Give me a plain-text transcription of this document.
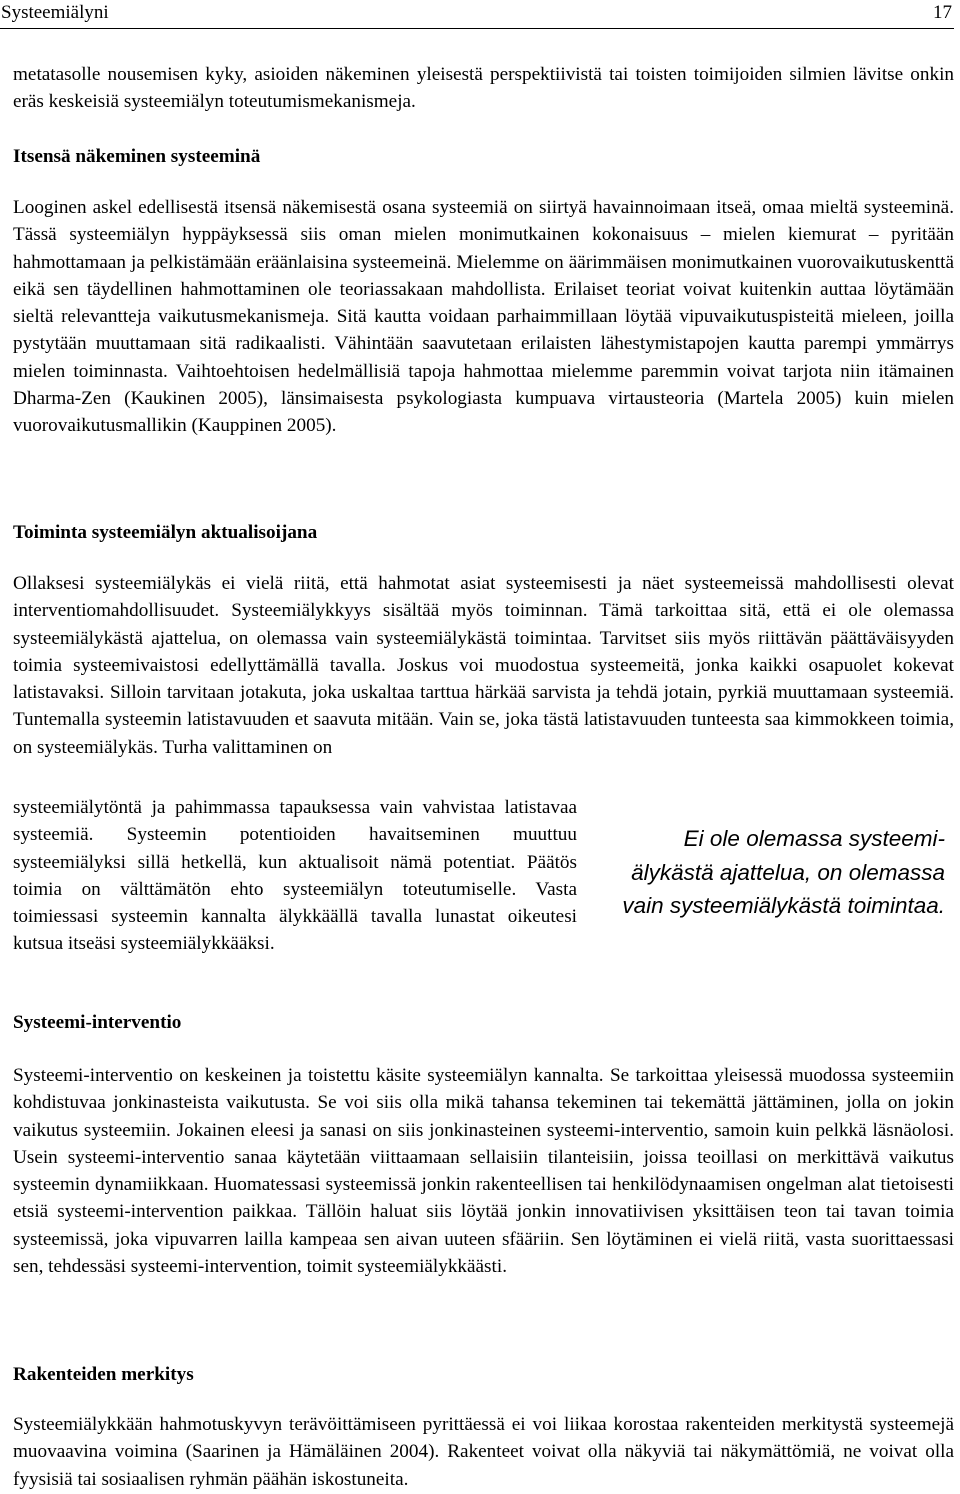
Systeemiälyni	17

metatasolle nousemisen kyky, asioiden näkeminen yleisestä perspektiivistä tai toisten toimijoiden silmien lävitse onkin eräs keskeisiä systeemiälyn toteutumismekanismeja.

Itsensä näkeminen systeeminä

Looginen askel edellisestä itsensä näkemisestä osana systeemiä on siirtyä havainnoimaan itseä, omaa mieltä systeeminä. Tässä systeemiälyn hyppäyksessä siis oman mielen monimutkainen kokonaisuus – mielen kiemurat – pyritään hahmottamaan ja pelkistämään eräänlaisina systeemeinä. Mielemme on äärimmäisen monimutkainen vuorovaikutuskenttä eikä sen täydellinen hahmottaminen ole teoriassakaan mahdollista. Erilaiset teoriat voivat kuitenkin auttaa löytämään sieltä relevantteja vaikutusmekanismeja. Sitä kautta voidaan parhaimmillaan löytää vipuvaikutuspisteitä mieleen, joilla pystytään muuttamaan sitä radikaalisti. Vähintään saavutetaan erilaisten lähestymistapojen kautta parempi ymmärrys mielen toiminnasta. Vaihtoehtoisen hedelmällisiä tapoja hahmottaa mielemme paremmin voivat tarjota niin itämainen Dharma-Zen (Kaukinen 2005), länsimaisesta psykologiasta kumpuava virtausteoria (Martela 2005) kuin mielen vuorovaikutusmallikin (Kauppinen 2005).

Toiminta systeemiälyn aktualisoijana

Ollaksesi systeemiälykäs ei vielä riitä, että hahmotat asiat systeemisesti ja näet systeemeissä mahdollisesti olevat interventiomahdollisuudet. Systeemiälykkyys sisältää myös toiminnan. Tämä tarkoittaa sitä, että ei ole olemassa systeemiälykästä ajattelua, on olemassa vain systeemiälykästä toimintaa. Tarvitset siis myös riittävän päättäväisyyden toimia systeemivaistosi edellyttämällä tavalla. Joskus voi muodostua systeemeitä, jonka kaikki osapuolet kokevat latistavaksi. Silloin tarvitaan jotakuta, joka uskaltaa tarttua härkää sarvista ja tehdä jotain, pyrkiä muuttamaan systeemiä. Tuntemalla systeemin latistavuuden et saavuta mitään. Vain se, joka tästä latistavuuden tunteesta saa kimmokkeen toimia, on systeemiälykäs. Turha valittaminen on

systeemiälytöntä ja pahimmassa tapauksessa vain vahvistaa latistavaa systeemiä. Systeemin potentioiden havaitseminen muuttuu systeemiälyksi sillä hetkellä, kun aktualisoit nämä potentiat. Päätös toimia on välttämätön ehto systeemiälyn toteutumiselle. Vasta toimiessasi systeemin kannalta älykkäällä tavalla lunastat oikeutesi kutsua itseäsi systeemiälykkääksi.

Ei ole olemassa systeemi- älykästä ajattelua, on olemassa vain systeemiälykästä toimintaa.

Systeemi-interventio

Systeemi-interventio on keskeinen ja toistettu käsite systeemiälyn kannalta. Se tarkoittaa yleisessä muodossa systeemiin kohdistuvaa jonkinasteista vaikutusta. Se voi siis olla mikä tahansa tekeminen tai tekemättä jättäminen, jolla on jokin vaikutus systeemiin. Jokainen eleesi ja sanasi on siis jonkinasteinen systeemi-interventio, samoin kuin pelkkä läsnäolosi. Usein systeemi-interventio sanaa käytetään viittaamaan sellaisiin tilanteisiin, joissa teoillasi on merkittävä vaikutus systeemin dynamiikkaan. Huomatessasi systeemissä jonkin rakenteellisen tai henkilödynaamisen ongelman alat tietoisesti etsiä systeemi-intervention paikkaa. Tällöin haluat siis löytää jonkin innovatiivisen yksittäisen teon tai tavan toimia systeemissä, joka vipuvarren lailla kampeaa sen aivan uuteen sfääriin. Sen löytäminen ei vielä riitä, vasta suorittaessasi sen, tehdessäsi systeemi-intervention, toimit systeemiälykkäästi.

Rakenteiden merkitys

Systeemiälykkään hahmotuskyvyn terävöittämiseen pyrittäessä ei voi liikaa korostaa rakenteiden merkitystä systeemejä muovaavina voimina (Saarinen ja Hämäläinen 2004). Rakenteet voivat olla näkyviä tai näkymättömiä, ne voivat olla fyysisiä tai sosiaalisen ryhmän päähän iskostuneita.
